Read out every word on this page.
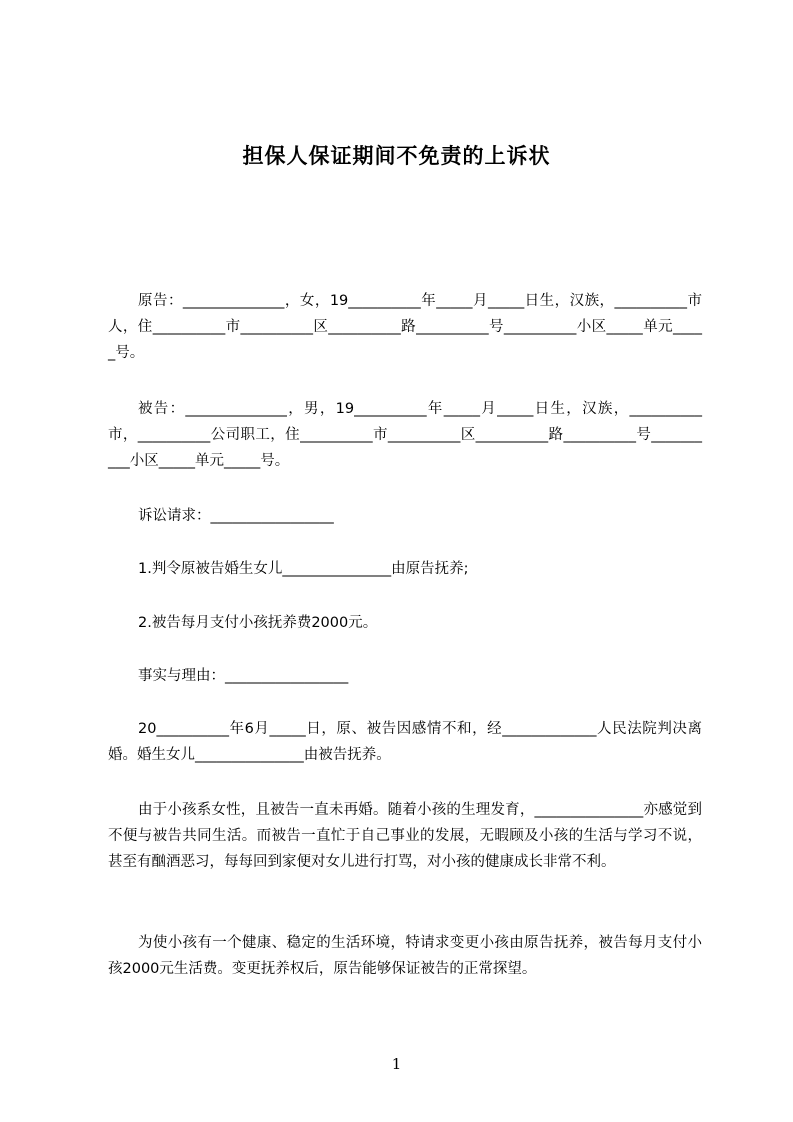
担保人保证期间不免责的上诉状
原告：______________，女，19__________年_____月_____日生，汉族，__________市人，住__________市__________区__________路__________号__________小区_____单元_____号。
被告：______________，男，19__________年_____月_____日生，汉族，__________市，__________公司职工，住__________市__________区__________路__________号__________小区_____单元_____号。
诉讼请求：_________________
1.判令原被告婚生女儿_______________由原告抚养;
2.被告每月支付小孩抚养费2000元。
事实与理由：_________________
20__________年6月_____日，原、被告因感情不和，经_____________人民法院判决离婚。婚生女儿_______________由被告抚养。
由于小孩系女性，且被告一直未再婚。随着小孩的生理发育，_______________亦感觉到不便与被告共同生活。而被告一直忙于自己事业的发展，无暇顾及小孩的生活与学习不说，甚至有酗酒恶习，每每回到家便对女儿进行打骂，对小孩的健康成长非常不利。
为使小孩有一个健康、稳定的生活环境，特请求变更小孩由原告抚养，被告每月支付小孩2000元生活费。变更抚养权后，原告能够保证被告的正常探望。
1
